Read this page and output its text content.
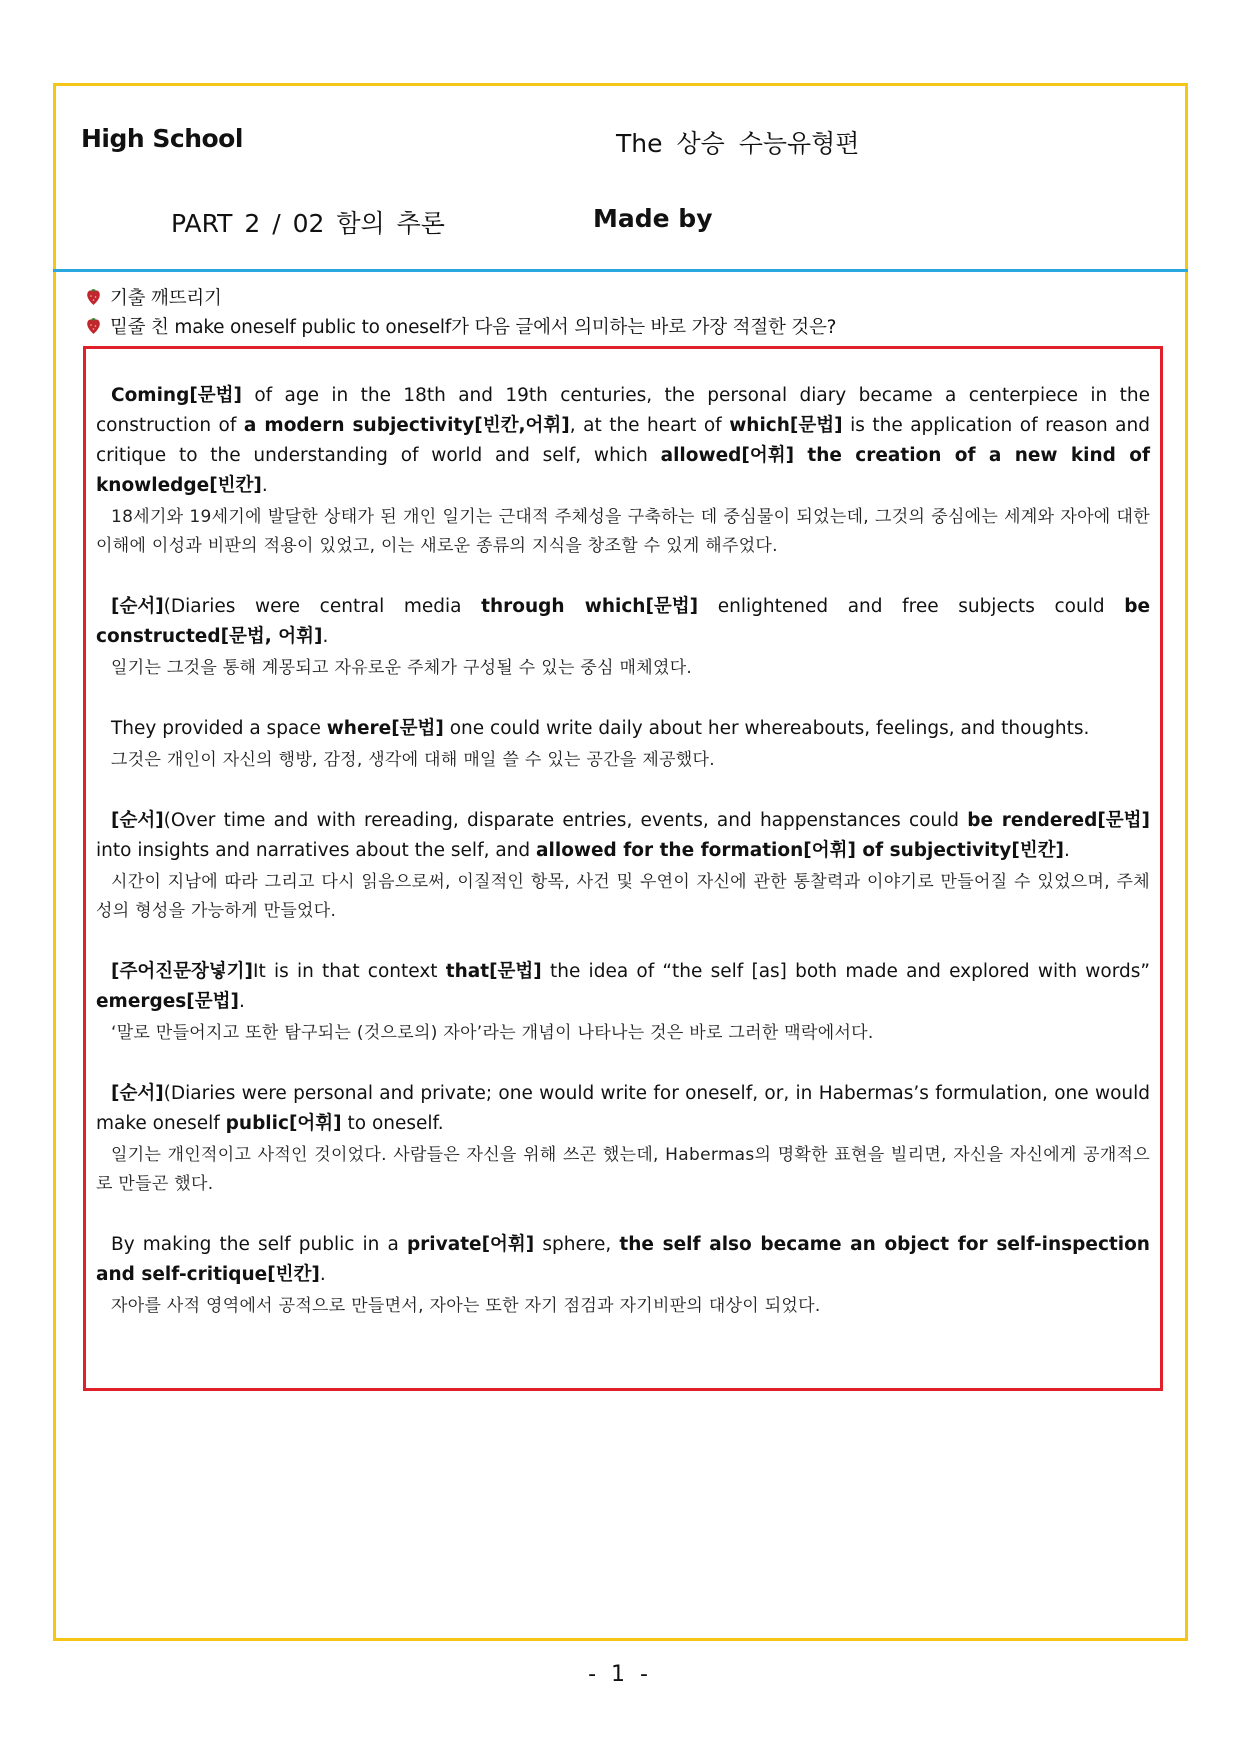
High School	The 상승 수능유형편
PART 2 / 02 함의 추론	Made by
기출 깨뜨리기
밑줄 친 make oneself public to oneself가 다음 글에서 의미하는 바로 가장 적절한 것은?

Coming[문법] of age in the 18th and 19th centuries, the personal diary became a centerpiece in the construction of a modern subjectivity[빈칸,어휘], at the heart of which[문법] is the application of reason and critique to the understanding of world and self, which allowed[어휘] the creation of a new kind of knowledge[빈칸].

18세기와 19세기에 발달한 상태가 된 개인 일기는 근대적 주체성을 구축하는 데 중심물이 되었는데, 그것의 중심에는 세계와 자아에 대한 이해에 이성과 비판의 적용이 있었고, 이는 새로운 종류의 지식을 창조할 수 있게 해주었다.

[순서](Diaries were central media through which[문법] enlightened and free subjects could be constructed[문법, 어휘].

일기는 그것을 통해 계몽되고 자유로운 주체가 구성될 수 있는 중심 매체였다.

They provided a space where[문법] one could write daily about her whereabouts, feelings, and thoughts.

그것은 개인이 자신의 행방, 감정, 생각에 대해 매일 쓸 수 있는 공간을 제공했다.

[순서](Over time and with rereading, disparate entries, events, and happenstances could be rendered[문법] into insights and narratives about the self, and allowed for the formation[어휘] of subjectivity[빈칸].

시간이 지남에 따라 그리고 다시 읽음으로써, 이질적인 항목, 사건 및 우연이 자신에 관한 통찰력과 이야기로 만들어질 수 있었으며, 주체성의 형성을 가능하게 만들었다.

[주어진문장넣기]It is in that context that[문법] the idea of “the self [as] both made and explored with words” emerges[문법].

‘말로 만들어지고 또한 탐구되는 (것으로의) 자아’라는 개념이 나타나는 것은 바로 그러한 맥락에서다.

[순서](Diaries were personal and private; one would write for oneself, or, in Habermas’s formulation, one would make oneself public[어휘] to oneself.

일기는 개인적이고 사적인 것이었다. 사람들은 자신을 위해 쓰곤 했는데, Habermas의 명확한 표현을 빌리면, 자신을 자신에게 공개적으로 만들곤 했다.

By making the self public in a private[어휘] sphere, the self also became an object for self-inspection and self-critique[빈칸].

자아를 사적 영역에서 공적으로 만들면서, 자아는 또한 자기 점검과 자기비판의 대상이 되었다.

- 1 -
